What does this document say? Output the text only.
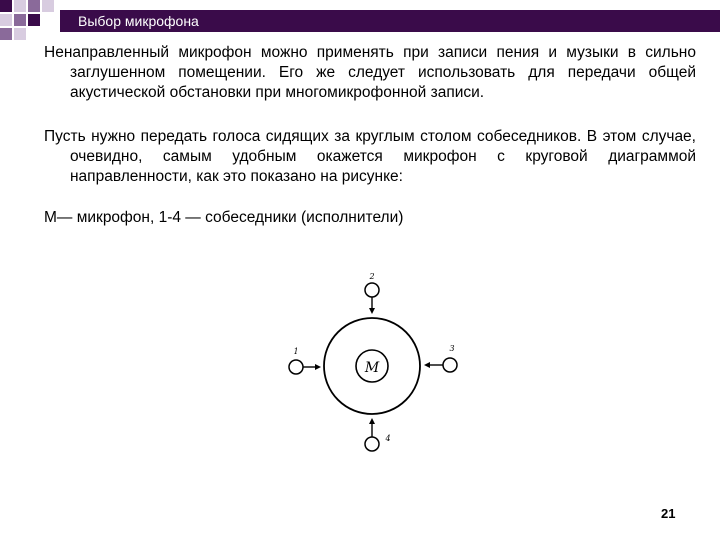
Выбор микрофона
Ненаправленный микрофон можно применять при записи пения и музыки в сильно заглушенном помещении. Его же следует использовать для передачи общей акустической обстановки при многомикрофонной записи.
Пусть нужно передать голоса сидящих за круглым столом собеседников. В этом случае, очевидно, самым удобным окажется микрофон с круговой диаграммой направленности, как это показано на рисунке:
М— микрофон, 1-4 — собеседники (исполнители)
M
2
1	3
4
21
